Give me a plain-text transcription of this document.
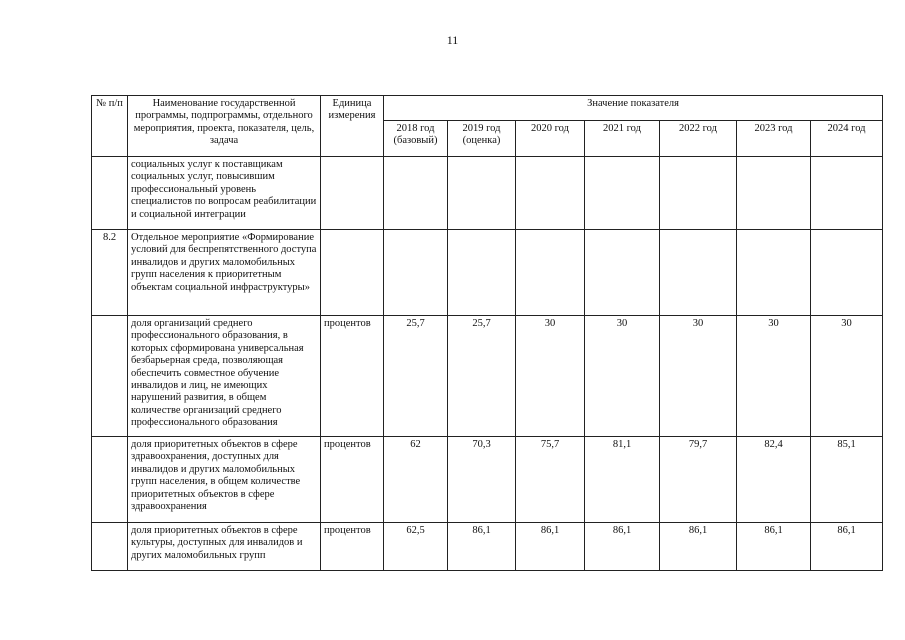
11
№ п/п	Наименование государственной программы, подпрограммы, отдельного мероприятия, проекта, показателя, цель, задача	Единица измерения	Значение показателя						
			2018 год (базовый)	2019 год (оценка)	2020 год	2021 год	2022 год	2023 год	2024 год
	социальных услуг к поставщикам социальных услуг, повысившим профессиональный уровень специалистов по вопросам реабилитации и социальной интеграции								
8.2	Отдельное мероприятие «Формирование условий для беспрепятственного доступа инвалидов и других маломобильных групп населения к приоритетным объектам социальной инфраструктуры»								
	доля организаций среднего профессионального образования, в которых сформирована универсальная безбарьерная среда, позволяющая обеспечить совместное обучение инвалидов и лиц, не имеющих нарушений развития, в общем количестве организаций среднего профессионального образования	процентов	25,7	25,7	30	30	30	30	30
	доля приоритетных объектов в сфере здравоохранения, доступных для инвалидов и других маломобильных групп населения, в общем количестве приоритетных объектов в сфере здравоохранения	процентов	62	70,3	75,7	81,1	79,7	82,4	85,1
	доля приоритетных объектов в сфере культуры, доступных для инвалидов и других маломобильных групп	процентов	62,5	86,1	86,1	86,1	86,1	86,1	86,1
